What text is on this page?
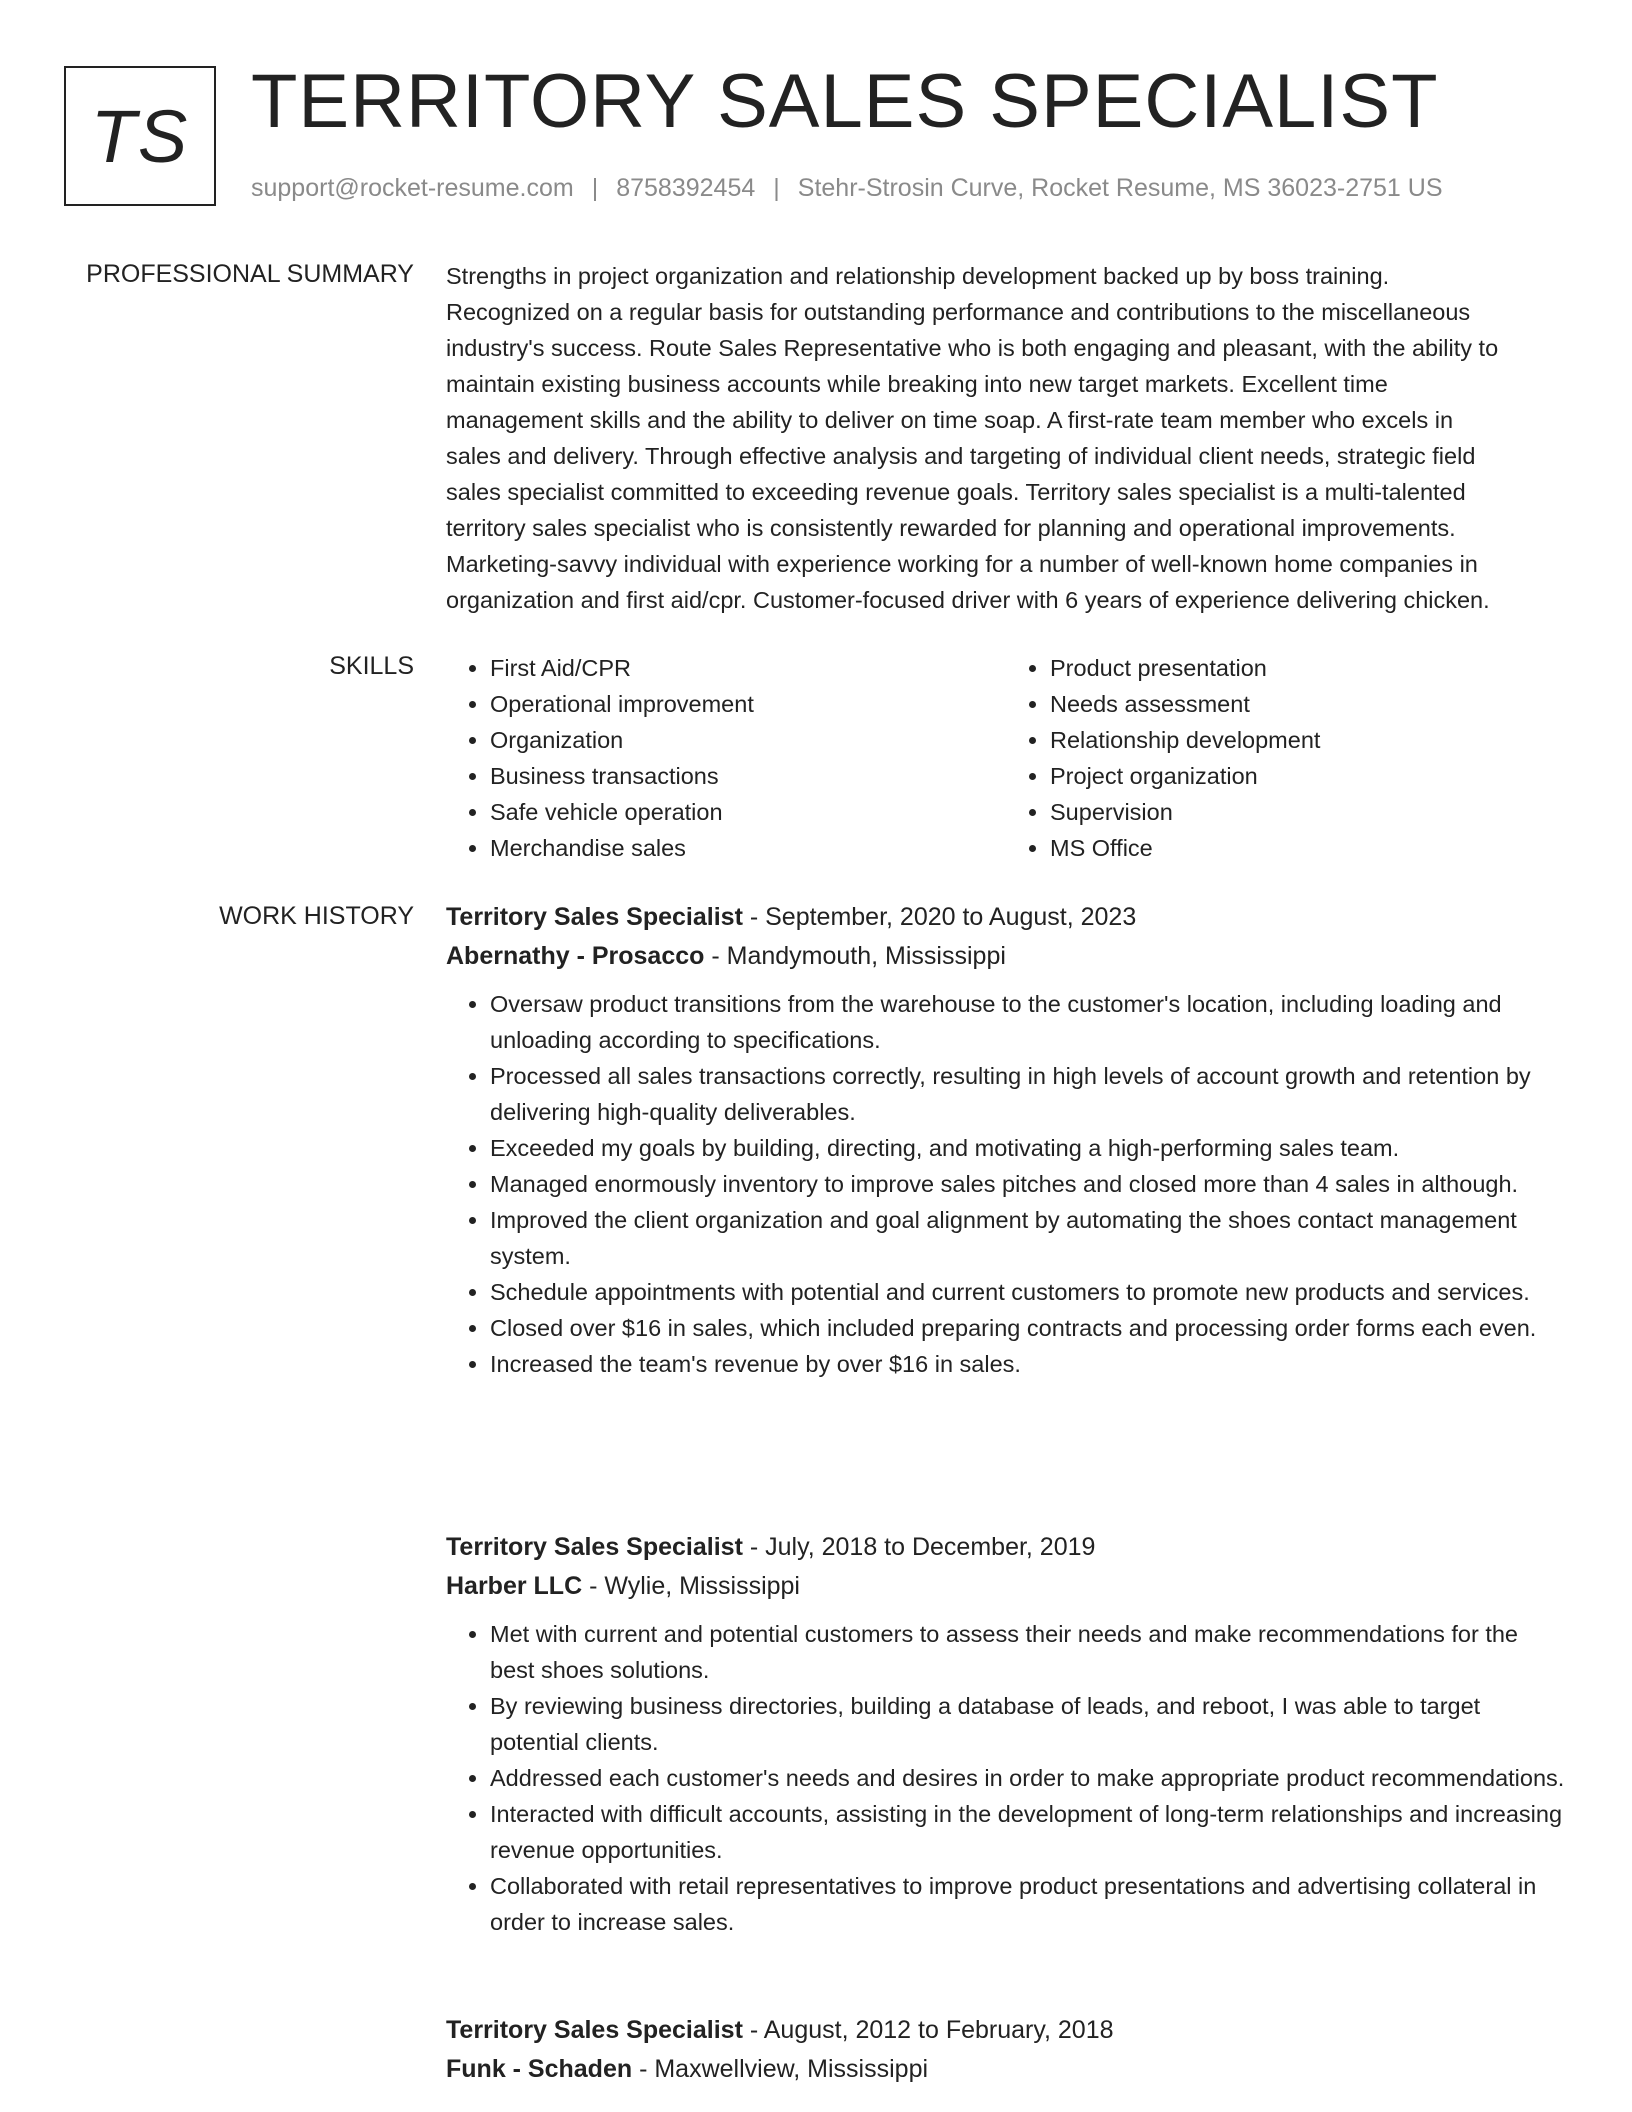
TS TERRITORY SALES SPECIALIST
support@rocket-resume.com | 8758392454 | Stehr-Strosin Curve, Rocket Resume, MS 36023-2751 US
PROFESSIONAL SUMMARY Strengths in project organization and relationship development backed up by boss training.

Recognized on a regular basis for outstanding performance and contributions to the miscellaneous

industry's success. Route Sales Representative who is both engaging and pleasant, with the ability to

maintain existing business accounts while breaking into new target markets. Excellent time

management skills and the ability to deliver on time soap. A first-rate team member who excels in

sales and delivery. Through effective analysis and targeting of individual client needs, strategic field

sales specialist committed to exceeding revenue goals. Territory sales specialist is a multi-talented

territory sales specialist who is consistently rewarded for planning and operational improvements.

Marketing-savvy individual with experience working for a number of well-known home companies in

organization and first aid/cpr. Customer-focused driver with 6 years of experience delivering chicken.

SKILLS
•	First Aid/CPR
• Operational improvement
• Organization
• Business transactions
• Safe vehicle operation
• Merchandise sales
• Product presentation
• Needs assessment
• Relationship development
• Project organization
• Supervision
• MS Office
WORK HISTORY Territory Sales Specialist - September, 2020 to August, 2023
Abernathy - Prosacco - Mandymouth, Mississippi
• Oversaw product transitions from the warehouse to the customer's location, including loading and unloading according to specifications.
• Processed all sales transactions correctly, resulting in high levels of account growth and retention by delivering high-quality deliverables.
• Exceeded my goals by building, directing, and motivating a high-performing sales team.
• Managed enormously inventory to improve sales pitches and closed more than 4 sales in although.
• Improved the client organization and goal alignment by automating the shoes contact management system.
• Schedule appointments with potential and current customers to promote new products and services.
• Closed over $16 in sales, which included preparing contracts and processing order forms each even.
• Increased the team's revenue by over $16 in sales.
Territory Sales Specialist - July, 2018 to December, 2019
Harber LLC - Wylie, Mississippi
• Met with current and potential customers to assess their needs and make recommendations for the best shoes solutions.
• By reviewing business directories, building a database of leads, and reboot, I was able to target potential clients.
• Addressed each customer's needs and desires in order to make appropriate product recommendations.
• Interacted with difficult accounts, assisting in the development of long-term relationships and increasing revenue opportunities.
• Collaborated with retail representatives to improve product presentations and advertising collateral in order to increase sales.
Territory Sales Specialist - August, 2012 to February, 2018
Funk - Schaden - Maxwellview, Mississippi
